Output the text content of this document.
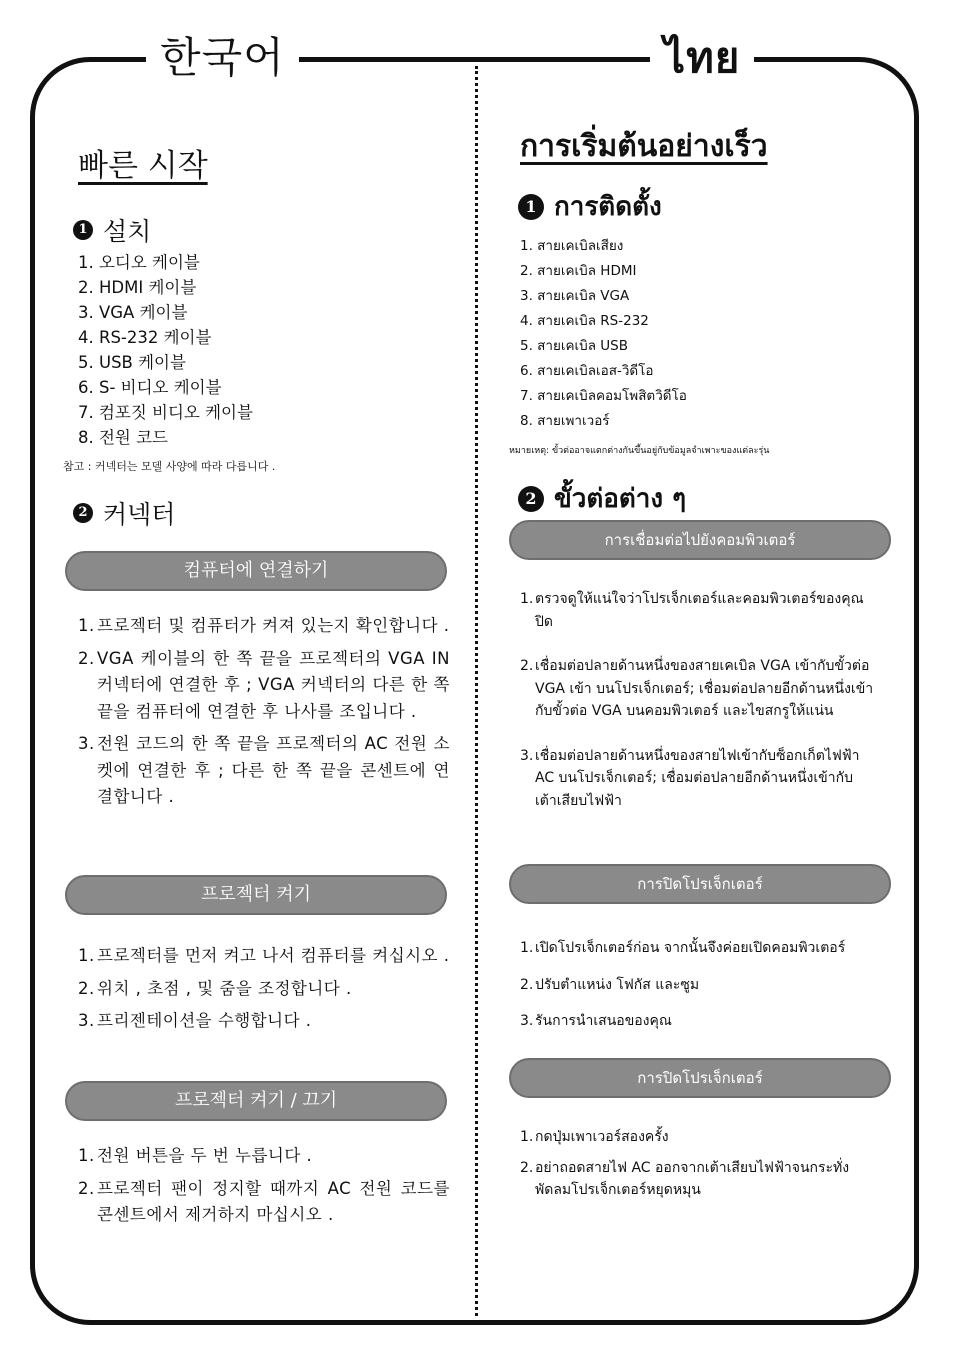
한국어	ไทย
빠른 시작
1 설치
1. 오디오 케이블
2. HDMI 케이블
3. VGA 케이블
4. RS-232 케이블
5. USB 케이블
6. S- 비디오 케이블
7. 컴포짓 비디오 케이블
8. 전원 코드
참고 : 커넥터는 모델 사양에 따라 다릅니다 .
2 커넥터
컴퓨터에 연결하기
1. 프로젝터 및 컴퓨터가 켜져 있는지 확인합니다 .
2. VGA 케이블의 한 쪽 끝을 프로젝터의 VGA IN 커넥터에 연결한 후 ; VGA 커넥터의 다른 한 쪽 끝을 컴퓨터에 연결한 후 나사를 조입니다 .
3. 전원 코드의 한 쪽 끝을 프로젝터의 AC 전원 소켓에 연결한 후 ; 다른 한 쪽 끝을 콘센트에 연결합니다 .
프로젝터 켜기
1. 프로젝터를 먼저 켜고 나서 컴퓨터를 켜십시오 .
2. 위치 , 초점 , 및 줌을 조정합니다 .
3. 프리젠테이션을 수행합니다 .
프로젝터 켜기 / 끄기
1. 전원 버튼을 두 번 누릅니다 .
2. 프로젝터 팬이 정지할 때까지 AC 전원 코드를 콘센트에서 제거하지 마십시오 .
การเริ่มต้นอย่างเร็ว
1 การติดตั้ง
1. สายเคเบิลเสียง
2. สายเคเบิล HDMI
3. สายเคเบิล VGA
4. สายเคเบิล RS-232
5. สายเคเบิล USB
6. สายเคเบิลเอส-วิดีโอ
7. สายเคเบิลคอมโพสิตวิดีโอ
8. สายเพาเวอร์
หมายเหตุ: ขั้วต่ออาจแตกต่างกันขึ้นอยู่กับข้อมูลจำเพาะของแต่ละรุ่น
2 ขั้วต่อต่าง ๆ
การเชื่อมต่อไปยังคอมพิวเตอร์
1. ตรวจดูให้แน่ใจว่าโปรเจ็กเตอร์และคอมพิวเตอร์ของคุณปิด
2. เชื่อมต่อปลายด้านหนึ่งของสายเคเบิล VGA เข้ากับขั้วต่อ VGA เข้า บนโปรเจ็กเตอร์; เชื่อมต่อปลายอีกด้านหนึ่งเข้ากับขั้วต่อ VGA บนคอมพิวเตอร์ และไขสกรูให้แน่น
3. เชื่อมต่อปลายด้านหนึ่งของสายไฟเข้ากับซ็อกเก็ตไฟฟ้า AC บนโปรเจ็กเตอร์; เชื่อมต่อปลายอีกด้านหนึ่งเข้ากับเต้าเสียบไฟฟ้า
การปิดโปรเจ็กเตอร์
1. เปิดโปรเจ็กเตอร์ก่อน จากนั้นจึงค่อยเปิดคอมพิวเตอร์
2. ปรับตำแหน่ง โฟกัส และซูม
3. รันการนำเสนอของคุณ
การปิดโปรเจ็กเตอร์
1. กดปุ่มเพาเวอร์สองครั้ง
2. อย่าถอดสายไฟ AC ออกจากเต้าเสียบไฟฟ้าจนกระทั่งพัดลมโปรเจ็กเตอร์หยุดหมุน
